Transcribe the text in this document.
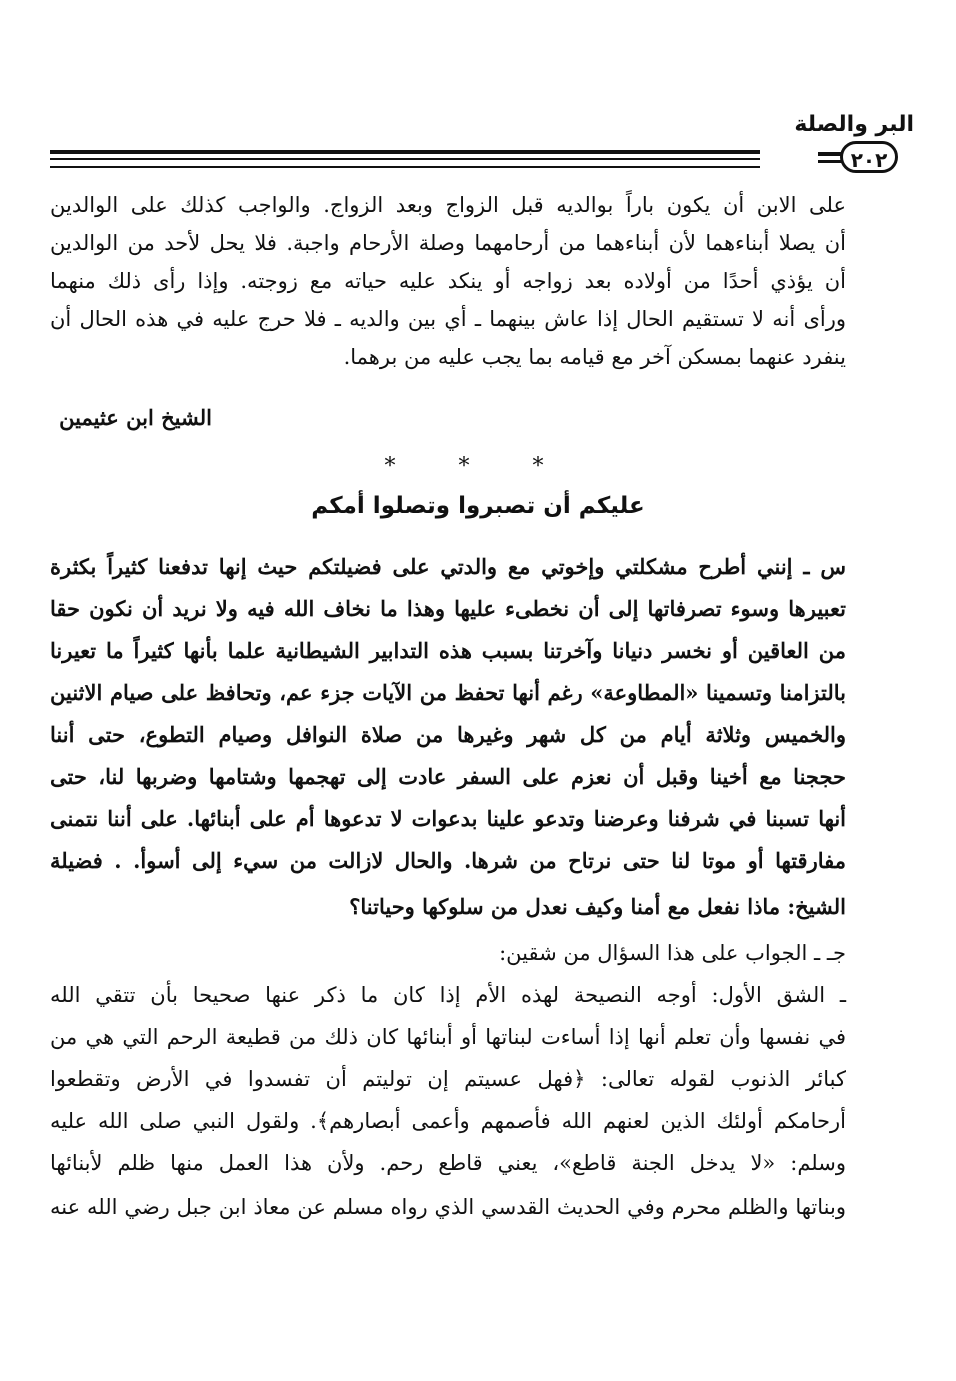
البر والصلة
٢٠٢
على الابن أن يكون باراً بوالديه قبل الزواج وبعد الزواج. والواجب كذلك على الوالدين
أن يصلا أبناءهما لأن أبناءهما من أرحامهما وصلة الأرحام واجبة. فلا يحل لأحد من الوالدين
أن يؤذي أحدًا من أولاده بعد زواجه أو ينكد عليه حياته مع زوجته. وإذا رأى ذلك منهما
ورأى أنه لا تستقيم الحال إذا عاش بينهما ـ أي بين والديه ـ فلا حرج عليه في هذه الحال أن
ينفرد عنهما بمسكن آخر مع قيامه بما يجب عليه من برهما.
الشيخ ابن عثيمين
* * *
عليكم أن تصبروا وتصلوا أمكم
س ـ إنني أطرح مشكلتي وإخوتي مع والدتي على فضيلتكم حيث إنها تدفعنا كثيراً بكثرة
تعبيرها وسوء تصرفاتها إلى أن نخطىء عليها وهذا ما نخاف الله فيه ولا نريد أن نكون حقا
من العاقين أو نخسر دنيانا وآخرتنا بسبب هذه التدابير الشيطانية علما بأنها كثيراً ما تعيرنا
بالتزامنا وتسمينا «المطاوعة» رغم أنها تحفظ من الآيات جزء عم، وتحافظ على صيام الاثنين
والخميس وثلاثة أيام من كل شهر وغيرها من صلاة النوافل وصيام التطوع، حتى أننا
حججنا مع أخينا وقبل أن نعزم على السفر عادت إلى تهجمها وشتامها وضربها لنا، حتى
أنها تسبنا في شرفنا وعرضنا وتدعو علينا بدعوات لا تدعوها أم على أبنائها. على أننا نتمنى
مفارقتها أو موتا لنا حتى نرتاح من شرها. والحال لازالت من سيء إلى أسوأ. . فضيلة
الشيخ: ماذا نفعل مع أمنا وكيف نعدل من سلوكها وحياتنا؟
جـ ـ الجواب على هذا السؤال من شقين:
ـ الشق الأول: أوجه النصيحة لهذه الأم إذا كان ما ذكر عنها صحيحا بأن تتقي الله
في نفسها وأن تعلم أنها إذا أساءت لبناتها أو أبنائها كان ذلك من قطيعة الرحم التي هي من
كبائر الذنوب لقوله تعالى: ﴿فهل عسيتم إن توليتم أن تفسدوا في الأرض وتقطعوا
أرحامكم أولئك الذين لعنهم الله فأصمهم وأعمى أبصارهم﴾. ولقول النبي صلى الله عليه
وسلم: «لا يدخل الجنة قاطع»، يعني قاطع رحم. ولأن هذا العمل منها ظلم لأبنائها
وبناتها والظلم محرم وفي الحديث القدسي الذي رواه مسلم عن معاذ ابن جبل رضي الله عنه
